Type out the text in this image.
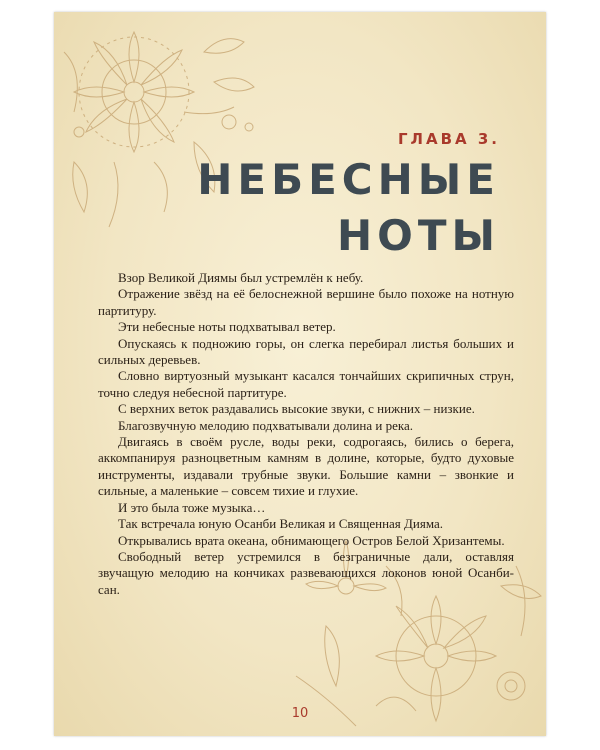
ГЛАВА 3.
НЕБЕСНЫЕ
НОТЫ

Взор Великой Диямы был устремлён к небу.

Отражение звёзд на её белоснежной вершине было похоже на нотную партитуру.

Эти небесные ноты подхватывал ветер.

Опускаясь к подножию горы, он слегка перебирал листья больших и сильных деревьев.

Словно виртуозный музыкант касался тончайших скрипичных струн, точно следуя небесной партитуре.

С верхних веток раздавались высокие звуки, с нижних – низкие.

Благозвучную мелодию подхватывали долина и река.

Двигаясь в своём русле, воды реки, содрогаясь, бились о берега, аккомпанируя разноцветным камням в долине, которые, будто духовые инструменты, издавали трубные звуки. Большие камни – звонкие и сильные, а маленькие – совсем тихие и глухие.

И это была тоже музыка…

Так встречала юную Осанби Великая и Священная Дияма.

Открывались врата океана, обнимающего Остров Белой Хризантемы.

Свободный ветер устремился в безграничные дали, оставляя звучащую мелодию на кончиках развевающихся локонов юной Осанби-сан.

10
